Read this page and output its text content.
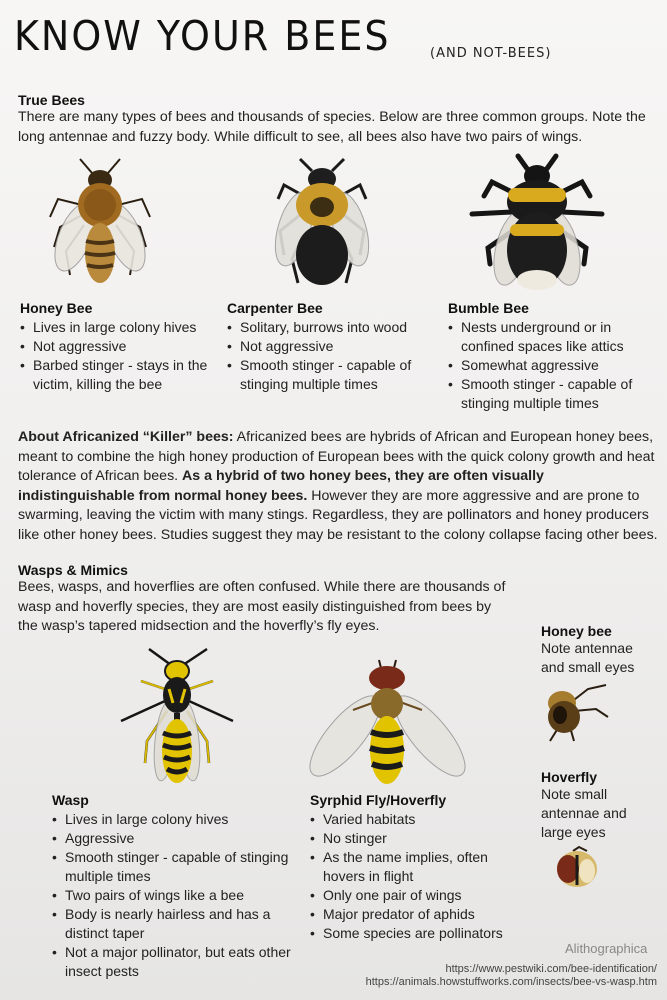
KNOW YOUR BEES	(AND NOT-BEES)
True Bees
There are many types of bees and thousands of species. Below are three common groups. Note the long antennae and fuzzy body. While difficult to see, all bees also have two pairs of wings.
Honey Bee
• Lives in large colony hives
• Not aggressive
• Barbed stinger - stays in the victim, killing the bee
Carpenter Bee
• Solitary, burrows into wood
• Not aggressive
• Smooth stinger - capable of stinging multiple times
Bumble Bee
• Nests underground or in confined spaces like attics
• Somewhat aggressive
• Smooth stinger - capable of stinging multiple times
About Africanized “Killer” bees: Africanized bees are hybrids of African and European honey bees, meant to combine the high honey production of European bees with the quick colony growth and heat tolerance of African bees. As a hybrid of two honey bees, they are often visually indistinguishable from normal honey bees. However they are more aggressive and are prone to swarming, leaving the victim with many stings. Regardless, they are pollinators and honey producers like other honey bees. Studies suggest they may be resistant to the colony collapse facing other bees.
Wasps & Mimics
Bees, wasps, and hoverflies are often confused. While there are thousands of wasp and hoverfly species, they are most easily distinguished from bees by the wasp’s tapered midsection and the hoverfly’s fly eyes.
Wasp
• Lives in large colony hives
• Aggressive
• Smooth stinger - capable of stinging multiple times
• Two pairs of wings like a bee
• Body is nearly hairless and has a distinct taper
• Not a major pollinator, but eats other insect pests
Syrphid Fly/Hoverfly
• Varied habitats
• No stinger
• As the name implies, often hovers in flight
• Only one pair of wings
• Major predator of aphids
• Some species are pollinators
Honey bee
Note antennae and small eyes
Hoverfly
Note small antennae and large eyes
Alithographica
https://www.pestwiki.com/bee-identification/
https://animals.howstuffworks.com/insects/bee-vs-wasp.htm
